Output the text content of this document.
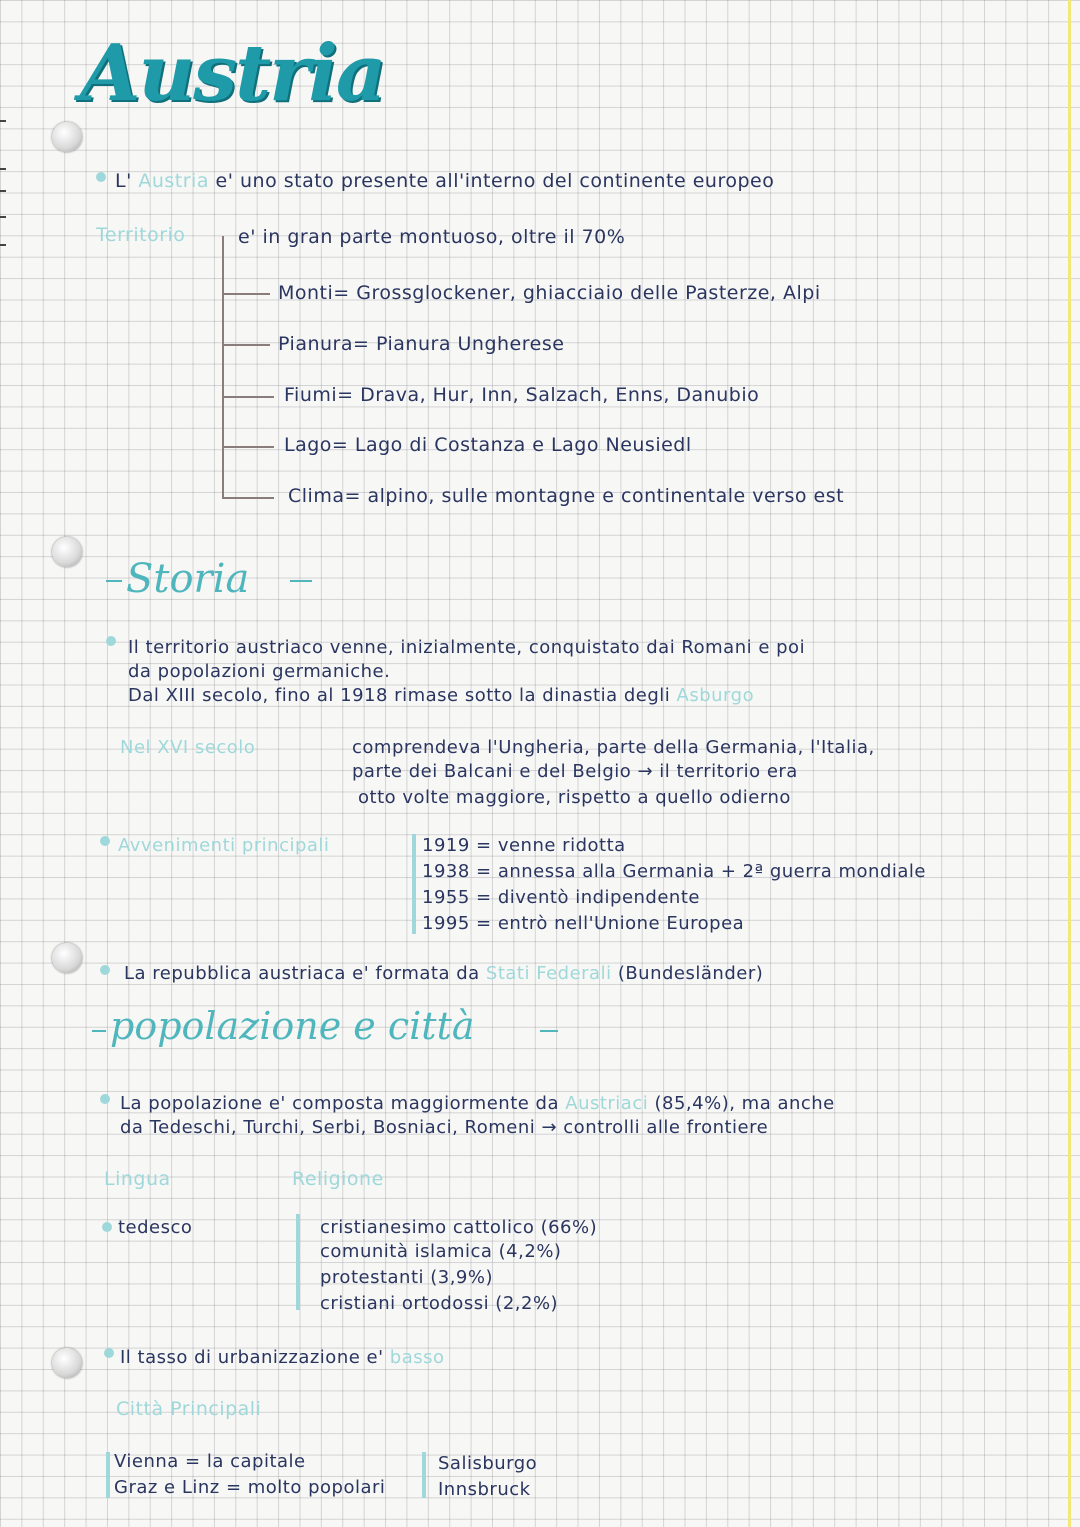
Austria
L' Austria e' uno stato presente all'interno del continente europeo
Territorio	e' in gran parte montuoso, oltre il 70%
Monti= Grossglockener, ghiacciaio delle Pasterze, Alpi
Pianura= Pianura Ungherese
Fiumi= Drava, Hur, Inn, Salzach, Enns, Danubio
Lago= Lago di Costanza e Lago Neusiedl
Clima= alpino, sulle montagne e continentale verso est
Storia
Il territorio austriaco venne, inizialmente, conquistato dai Romani e poi
da popolazioni germaniche.
Dal XIII secolo, fino al 1918 rimase sotto la dinastia degli Asburgo
Nel XVI secolo	comprendeva l'Ungheria, parte della Germania, l'Italia,
parte dei Balcani e del Belgio → il territorio era
otto volte maggiore, rispetto a quello odierno
Avvenimenti principali	1919 = venne ridotta
1938 = annessa alla Germania + 2ª guerra mondiale
1955 = diventò indipendente
1995 = entrò nell'Unione Europea
La repubblica austriaca e' formata da Stati Federali (Bundesländer)
popolazione e città
La popolazione e' composta maggiormente da Austriaci (85,4%), ma anche
da Tedeschi, Turchi, Serbi, Bosniaci, Romeni → controlli alle frontiere
Lingua	Religione
tedesco	cristianesimo cattolico (66%)
comunità islamica (4,2%)
protestanti (3,9%)
cristiani ortodossi (2,2%)
Il tasso di urbanizzazione e' basso
Città Principali
Vienna = la capitale
Graz e Linz = molto popolari
Salisburgo
Innsbruck
